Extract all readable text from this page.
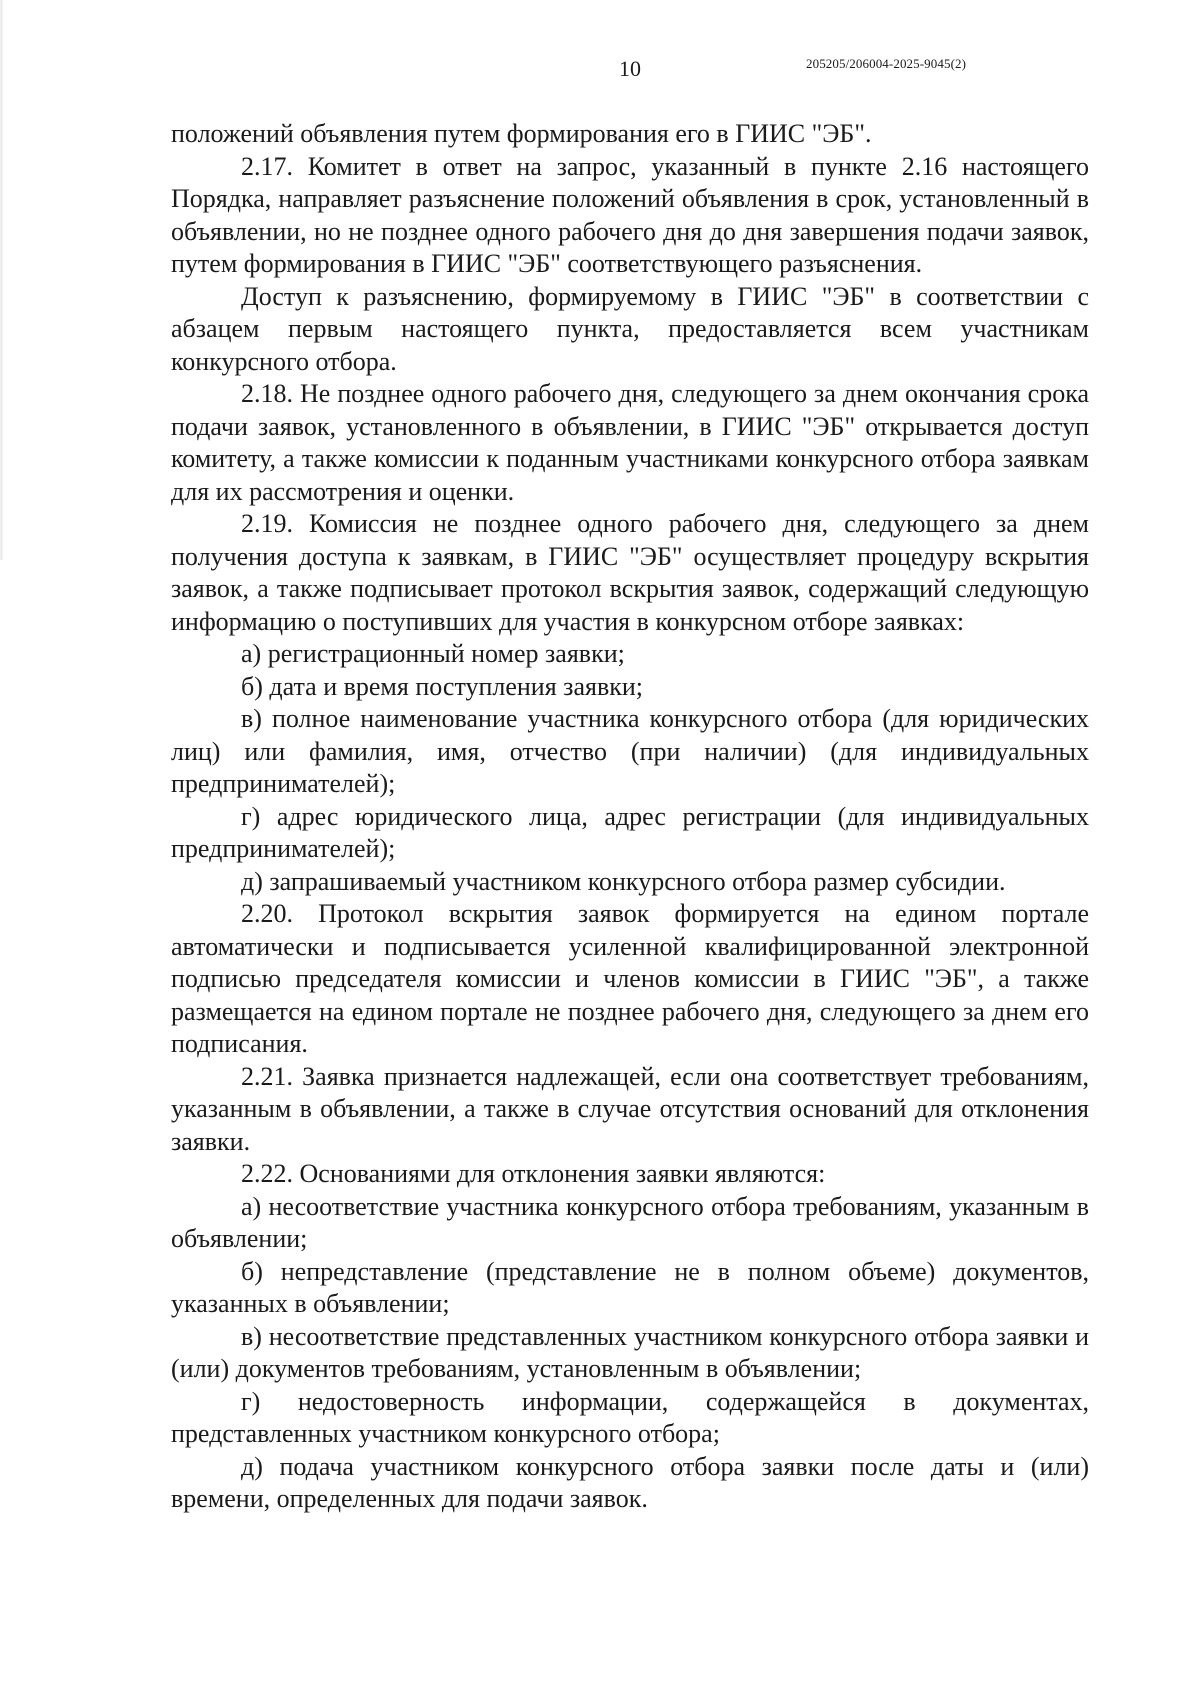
10	205205/206004-2025-9045(2)

положений объявления путем формирования его в ГИИС "ЭБ".

2.17. Комитет в ответ на запрос, указанный в пункте 2.16 настоящего Порядка, направляет разъяснение положений объявления в срок, установленный в объявлении, но не позднее одного рабочего дня до дня завершения подачи заявок, путем формирования в ГИИС "ЭБ" соответствующего разъяснения.

Доступ к разъяснению, формируемому в ГИИС "ЭБ" в соответствии с абзацем первым настоящего пункта, предоставляется всем участникам конкурсного отбора.

2.18. Не позднее одного рабочего дня, следующего за днем окончания срока подачи заявок, установленного в объявлении, в ГИИС "ЭБ" открывается доступ комитету, а также комиссии к поданным участниками конкурсного отбора заявкам для их рассмотрения и оценки.

2.19. Комиссия не позднее одного рабочего дня, следующего за днем получения доступа к заявкам, в ГИИС "ЭБ" осуществляет процедуру вскрытия заявок, а также подписывает протокол вскрытия заявок, содержащий следующую информацию о поступивших для участия в конкурсном отборе заявках:

а) регистрационный номер заявки;

б) дата и время поступления заявки;

в) полное наименование участника конкурсного отбора (для юридических лиц) или фамилия, имя, отчество (при наличии) (для индивидуальных предпринимателей);

г) адрес юридического лица, адрес регистрации (для индивидуальных предпринимателей);

д) запрашиваемый участником конкурсного отбора размер субсидии.

2.20. Протокол вскрытия заявок формируется на едином портале автоматически и подписывается усиленной квалифицированной электронной подписью председателя комиссии и членов комиссии в ГИИС "ЭБ", а также размещается на едином портале не позднее рабочего дня, следующего за днем его подписания.

2.21. Заявка признается надлежащей, если она соответствует требованиям, указанным в объявлении, а также в случае отсутствия оснований для отклонения заявки.

2.22. Основаниями для отклонения заявки являются:

а) несоответствие участника конкурсного отбора требованиям, указанным в объявлении;

б) непредставление (представление не в полном объеме) документов, указанных в объявлении;

в) несоответствие представленных участником конкурсного отбора заявки и (или) документов требованиям, установленным в объявлении;

г) недостоверность информации, содержащейся в документах, представленных участником конкурсного отбора;

д) подача участником конкурсного отбора заявки после даты и (или) времени, определенных для подачи заявок.
